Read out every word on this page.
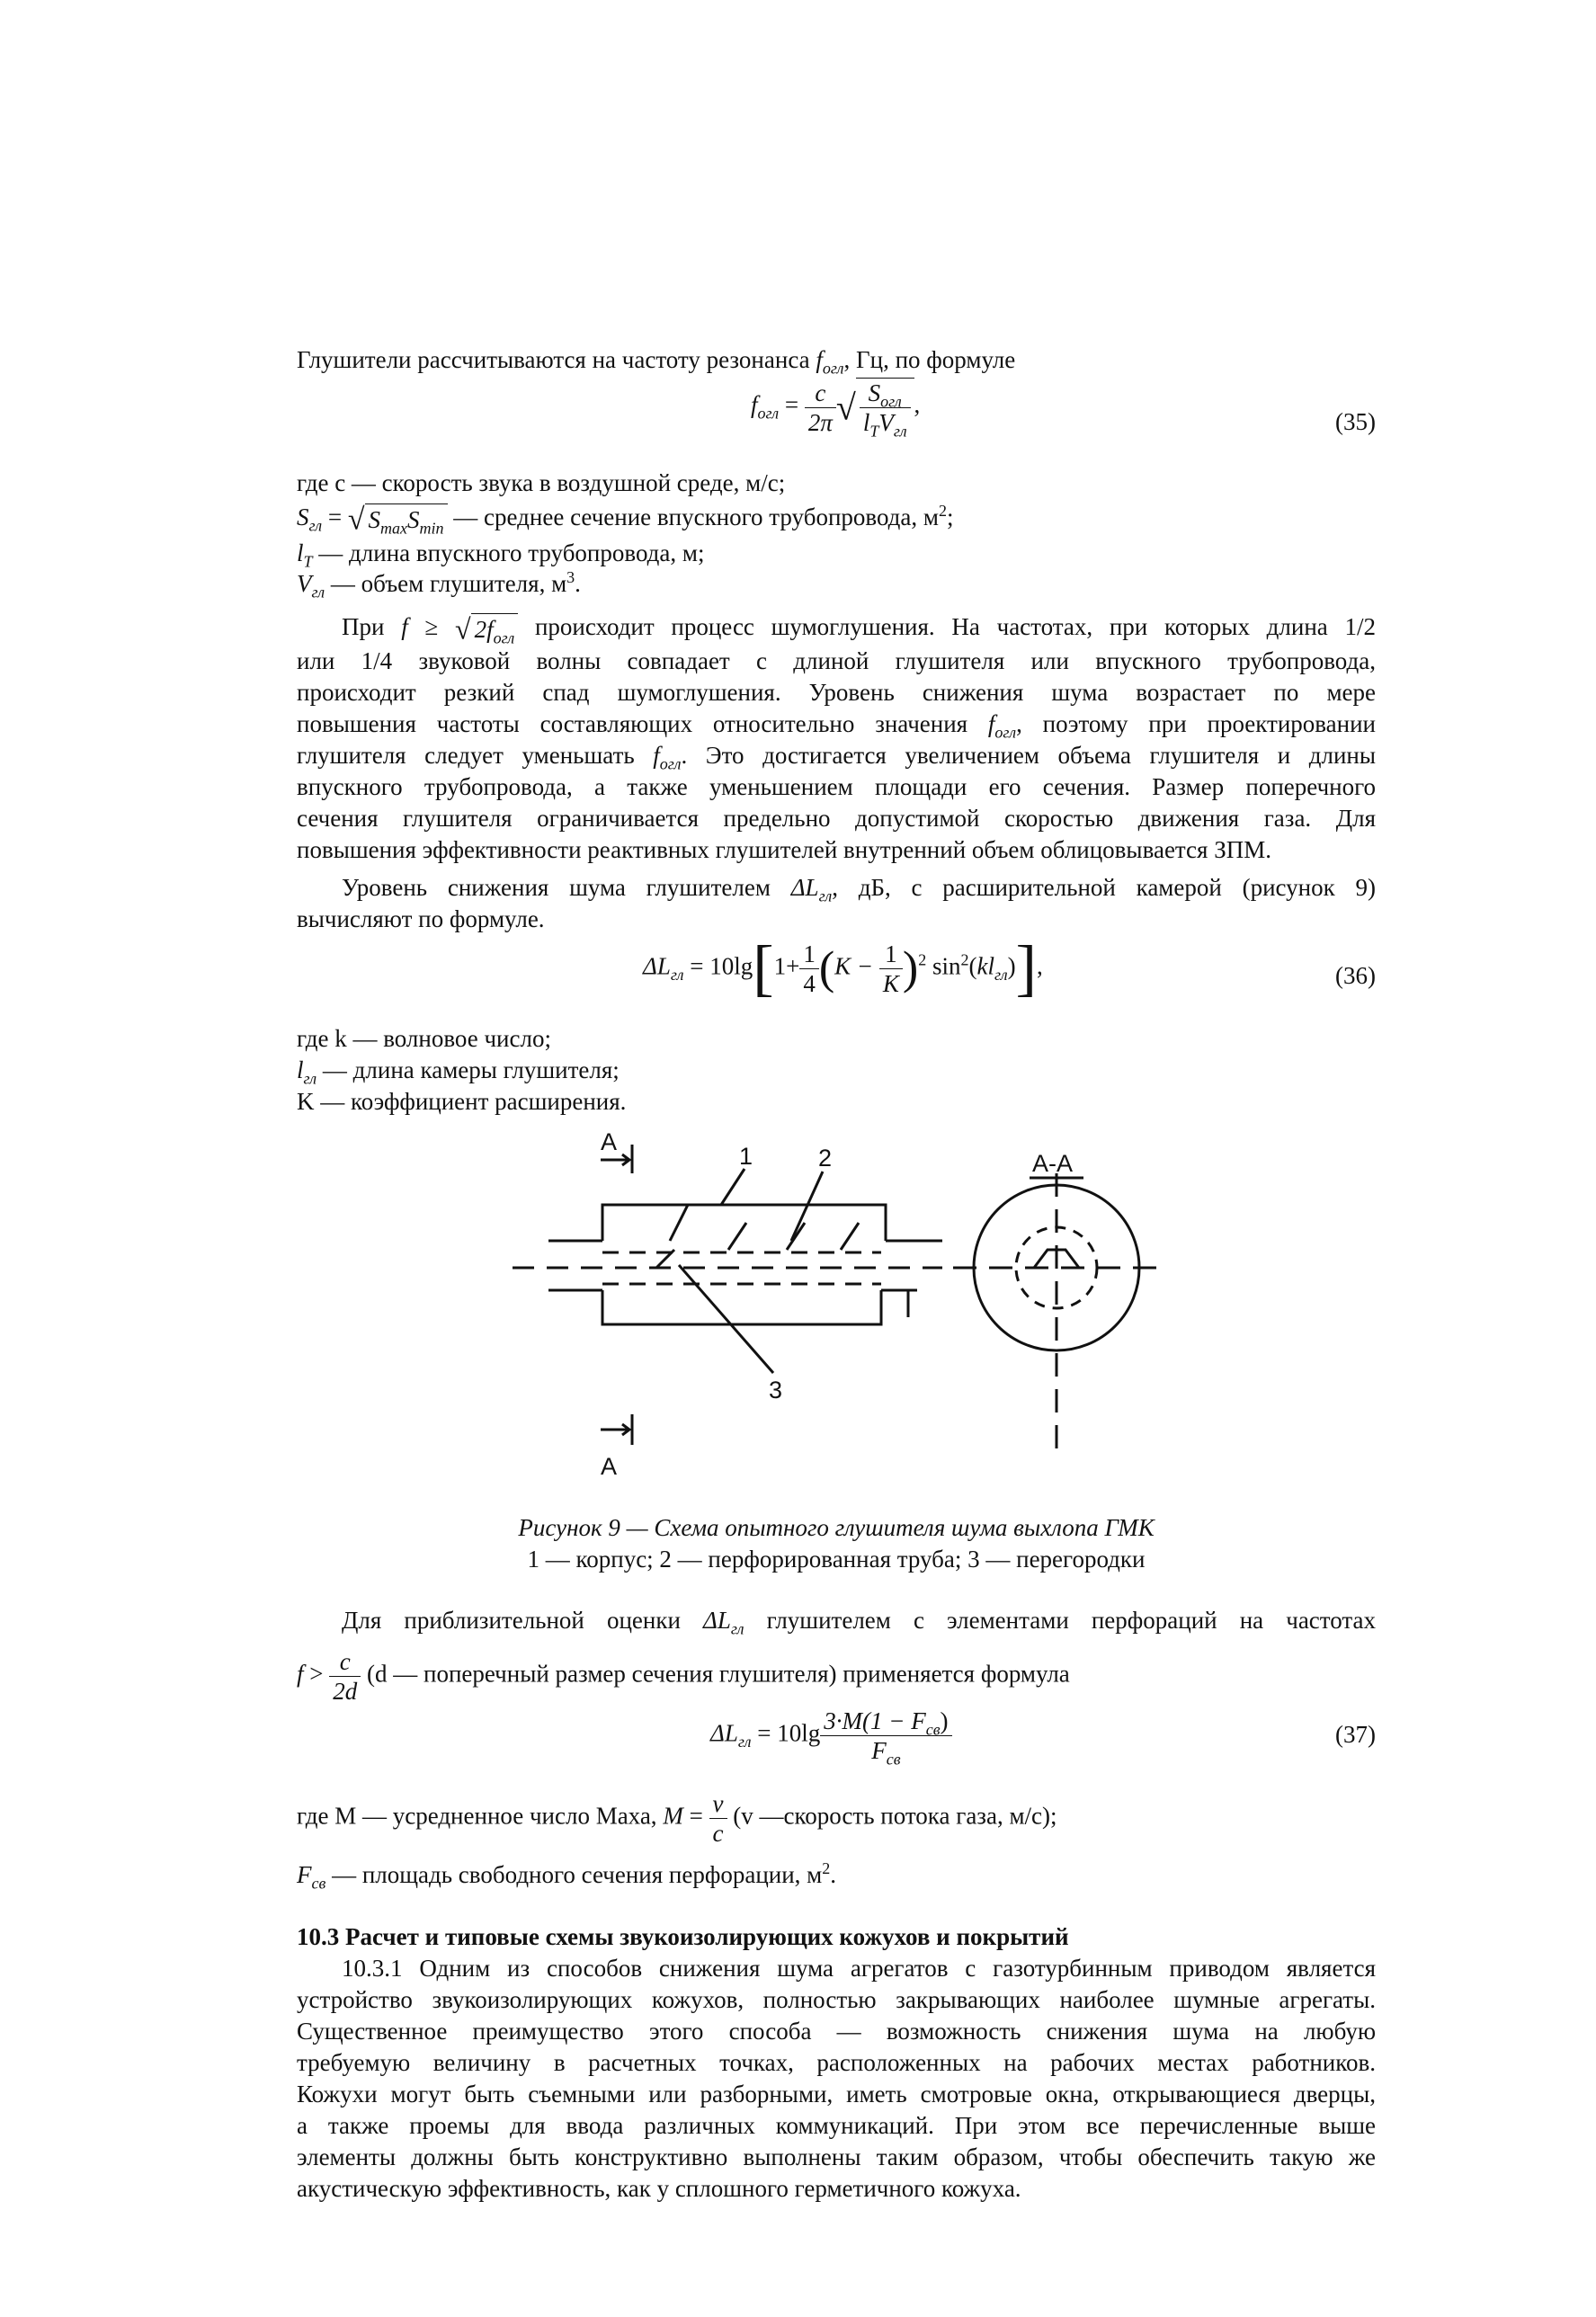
Глушители рассчитываются на частоту резонанса $f_{огл}$, Гц, по формуле
$f_{огл} = \frac{c}{2\pi}$ √ $\frac{S_{огл}}{l_TV_{гл}}$ ,
(35)
где c — скорость звука в воздушной среде, м/с;
$S_{гл}$ = √ $S_{max}S_{min}$ — среднее сечение впускного трубопровода, $м^2$;
$l_T$ — длина впускного трубопровода, м;
$V_{гл}$ — объем глушителя, $м^3$.
При f ≥ √ $2f_{огл}$ происходит процесс шумоглушения. На частотах, при которых длина 1/2
или 1/4 звуковой волны совпадает с длиной глушителя или впускного трубопровода,
происходит резкий спад шумоглушения. Уровень снижения шума возрастает по мере
повышения частоты составляющих относительно значения $f_{огл}$, поэтому при проектировании
глушителя следует уменьшать $f_{огл}$. Это достигается увеличением объема глушителя и длины
впускного трубопровода, а также уменьшением площади его сечения. Размер поперечного
сечения глушителя ограничивается предельно допустимой скоростью движения газа. Для
повышения эффективности реактивных глушителей внутренний объем облицовывается ЗПМ.
Уровень снижения шума глушителем $\Delta L_{гл}$, дБ, с расширительной камерой (рисунок 9)
вычисляют по формуле.
$\Delta L_{гл} = 10\lg[1+ \frac{1}{4} (K - \frac{1}{K} )^2$ $\sin^2(kl_{гл})$],	(36)
где k — волновое число;
$l_{гл}$ — длина камеры глушителя;
K — коэффициент расширения.
A
A
A-A
1	2
3
Рисунок 9 — Схема опытного глушителя шума выхлопа ГМК
1 — корпус; 2 — перфорированная труба; 3 — перегородки
Для приблизительной оценки $\Delta L_{гл}$ глушителем с элементами перфораций на частотах
$f > \frac{c}{2d} (d$ — поперечный размер сечения глушителя) применяется формула
$\Delta L_{гл} = 10\lg \frac{3\cdot M(1 - F_{св})}{F_{св}}$	(37)
где M — усредненное число Маха, $M = \frac{v}{c} (v$ —скорость потока газа, м/с);
$F_{св}$ — площадь свободного сечения перфорации, $м^2$.
10.3 Расчет и типовые схемы звукоизолирующих кожухов и покрытий
10.3.1 Одним из способов снижения шума агрегатов с газотурбинным приводом является
устройство звукоизолирующих кожухов, полностью закрывающих наиболее шумные агрегаты.
Существенное преимущество этого способа — возможность снижения шума на любую
требуемую величину в расчетных точках, расположенных на рабочих местах работников.
Кожухи могут быть съемными или разборными, иметь смотровые окна, открывающиеся дверцы,
а также проемы для ввода различных коммуникаций. При этом все перечисленные выше
элементы должны быть конструктивно выполнены таким образом, чтобы обеспечить такую же
акустическую эффективность, как у сплошного герметичного кожуха.
